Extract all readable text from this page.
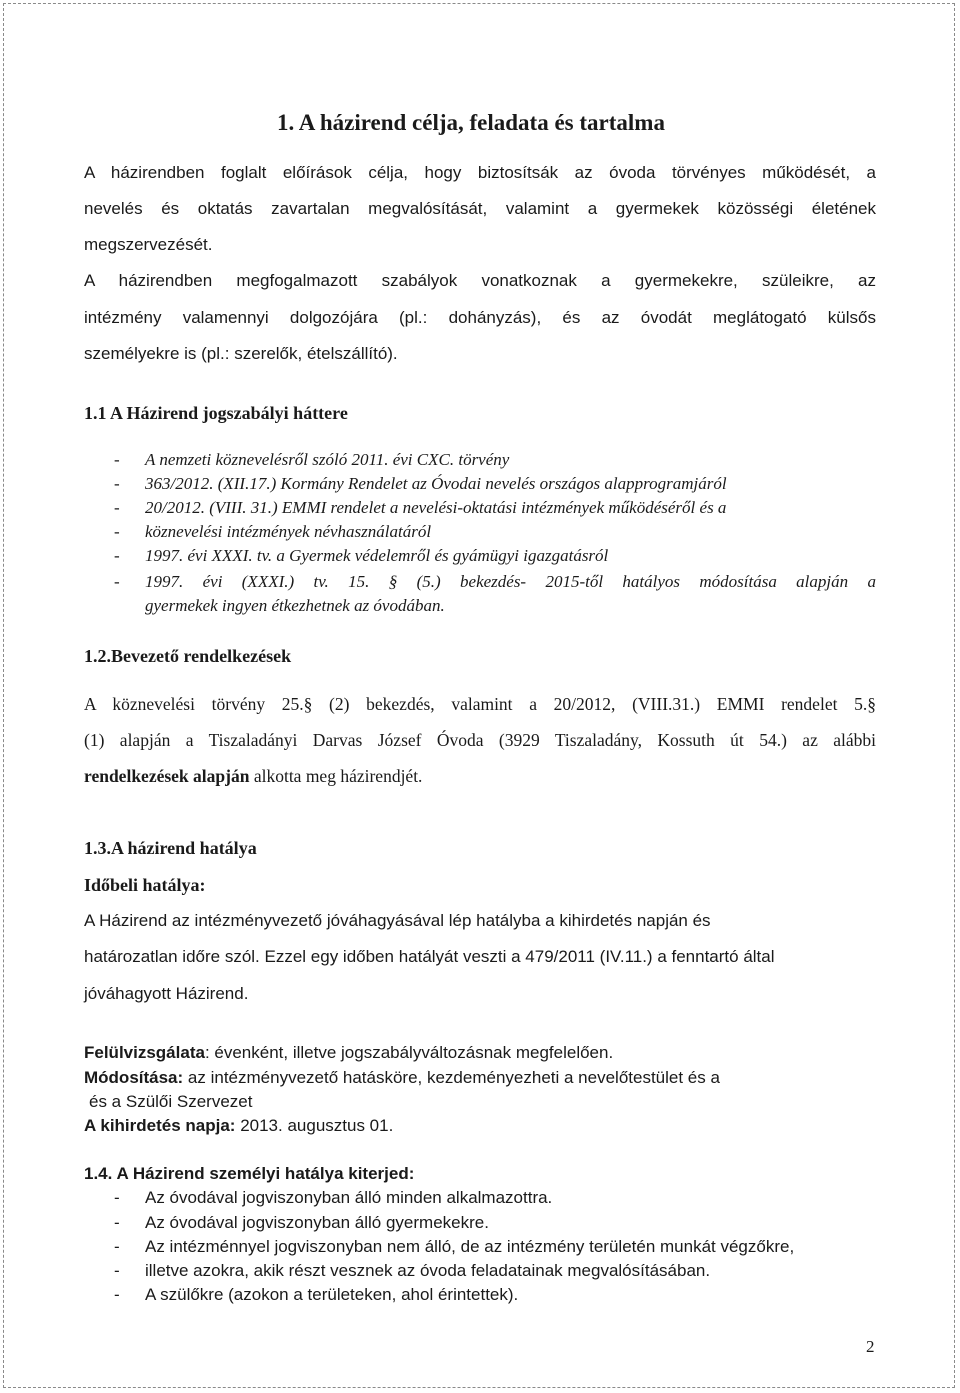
1. A házirend célja, feladata és tartalma

A házirendben foglalt előírások célja, hogy biztosítsák az óvoda törvényes működését, a

nevelés és oktatás zavartalan megvalósítását, valamint a gyermekek közösségi életének

megszervezését.

A házirendben megfogalmazott szabályok vonatkoznak a gyermekekre, szüleikre, az

intézmény valamennyi dolgozójára (pl.: dohányzás), és az óvodát meglátogató külsős

személyekre is (pl.: szerelők, ételszállító).

1.1 A Házirend jogszabályi háttere
- A nemzeti köznevelésről szóló 2011. évi CXC. törvény

- 363/2012. (XII.17.) Kormány Rendelet az Óvodai nevelés országos alapprogramjáról

- 20/2012. (VIII. 31.) EMMI rendelet a nevelési-oktatási intézmények működéséről és a

- köznevelési intézmények névhasználatáról

- 1997. évi XXXI. tv. a Gyermek védelemről és gyámügyi igazgatásról

- 1997. évi (XXXI.) tv. 15. § (5.) bekezdés- 2015-től hatályos módosítása alapján a

gyermekek ingyen étkezhetnek az óvodában.

1.2.Bevezető rendelkezések

A köznevelési törvény 25.§ (2) bekezdés, valamint a 20/2012, (VIII.31.) EMMI rendelet 5.§

(1) alapján a Tiszaladányi Darvas József Óvoda (3929 Tiszaladány, Kossuth út 54.) az alábbi

rendelkezések alapján alkotta meg házirendjét.

1.3.A házirend hatálya
Időbeli hatálya:

A Házirend az intézményvezető jóváhagyásával lép hatályba a kihirdetés napján és

határozatlan időre szól. Ezzel egy időben hatályát veszti a 479/2011 (IV.11.) a fenntartó által

jóváhagyott Házirend.

Felülvizsgálata: évenként, illetve jogszabályváltozásnak megfelelően.

Módosítása: az intézményvezető hatásköre, kezdeményezheti a nevelőtestület és a

és a Szülői Szervezet

A kihirdetés napja: 2013. augusztus 01.

1.4. A Házirend személyi hatálya kiterjed:
- Az óvodával jogviszonyban álló minden alkalmazottra.

- Az óvodával jogviszonyban álló gyermekekre.

- Az intézménnyel jogviszonyban nem álló, de az intézmény területén munkát végzőkre,

- illetve azokra, akik részt vesznek az óvoda feladatainak megvalósításában.

- A szülőkre (azokon a területeken, ahol érintettek).

2
